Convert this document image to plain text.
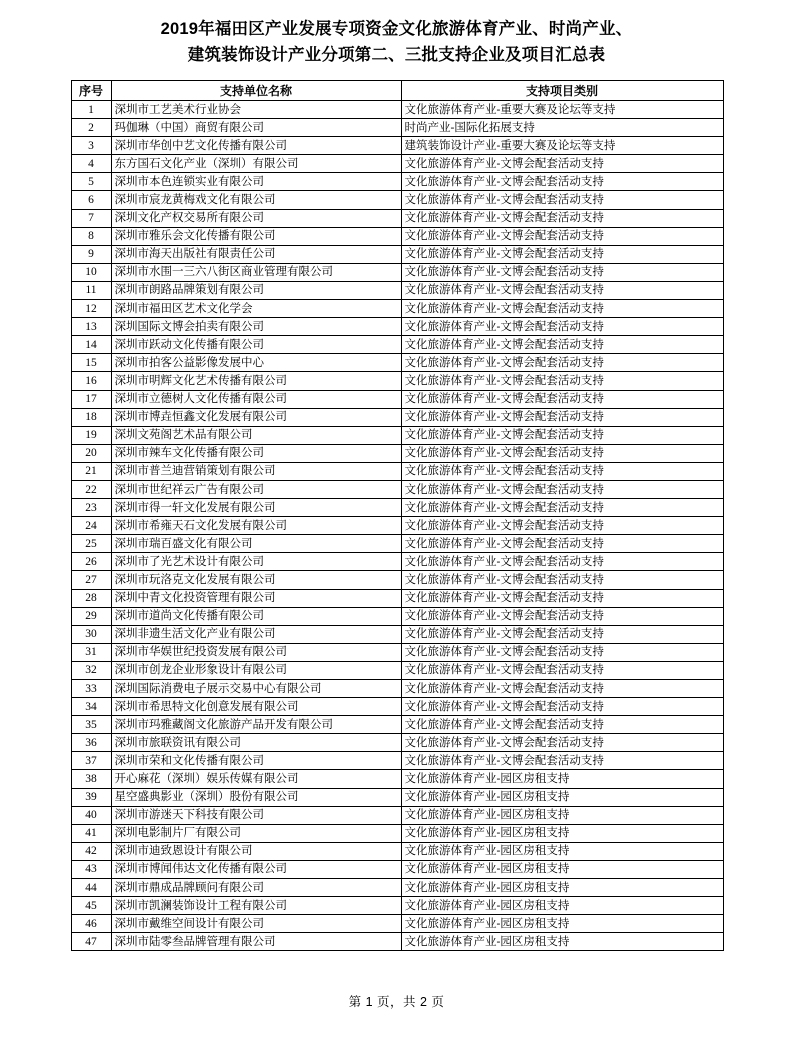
2019年福田区产业发展专项资金文化旅游体育产业、时尚产业、
建筑装饰设计产业分项第二、三批支持企业及项目汇总表
序号	支持单位名称	支持项目类别
1	深圳市工艺美术行业协会	文化旅游体育产业-重要大赛及论坛等支持
2	玛伽琳（中国）商贸有限公司	时尚产业-国际化拓展支持
3	深圳市华创中艺文化传播有限公司	建筑装饰设计产业-重要大赛及论坛等支持
4	东方国石文化产业（深圳）有限公司	文化旅游体育产业-文博会配套活动支持
5	深圳市本色连锁实业有限公司	文化旅游体育产业-文博会配套活动支持
6	深圳市宸龙黄梅戏文化有限公司	文化旅游体育产业-文博会配套活动支持
7	深圳文化产权交易所有限公司	文化旅游体育产业-文博会配套活动支持
8	深圳市雅乐会文化传播有限公司	文化旅游体育产业-文博会配套活动支持
9	深圳市海天出版社有限责任公司	文化旅游体育产业-文博会配套活动支持
10	深圳市水围一三六八街区商业管理有限公司	文化旅游体育产业-文博会配套活动支持
11	深圳市朗路品牌策划有限公司	文化旅游体育产业-文博会配套活动支持
12	深圳市福田区艺术文化学会	文化旅游体育产业-文博会配套活动支持
13	深圳国际文博会拍卖有限公司	文化旅游体育产业-文博会配套活动支持
14	深圳市跃动文化传播有限公司	文化旅游体育产业-文博会配套活动支持
15	深圳市拍客公益影像发展中心	文化旅游体育产业-文博会配套活动支持
16	深圳市明辉文化艺术传播有限公司	文化旅游体育产业-文博会配套活动支持
17	深圳市立德树人文化传播有限公司	文化旅游体育产业-文博会配套活动支持
18	深圳市博垚恒鑫文化发展有限公司	文化旅游体育产业-文博会配套活动支持
19	深圳文苑阁艺术品有限公司	文化旅游体育产业-文博会配套活动支持
20	深圳市辣车文化传播有限公司	文化旅游体育产业-文博会配套活动支持
21	深圳市普兰迪营销策划有限公司	文化旅游体育产业-文博会配套活动支持
22	深圳市世纪祥云广告有限公司	文化旅游体育产业-文博会配套活动支持
23	深圳市得一轩文化发展有限公司	文化旅游体育产业-文博会配套活动支持
24	深圳市希雍天石文化发展有限公司	文化旅游体育产业-文博会配套活动支持
25	深圳市瑞百盛文化有限公司	文化旅游体育产业-文博会配套活动支持
26	深圳市了光艺术设计有限公司	文化旅游体育产业-文博会配套活动支持
27	深圳市玩洛克文化发展有限公司	文化旅游体育产业-文博会配套活动支持
28	深圳中青文化投资管理有限公司	文化旅游体育产业-文博会配套活动支持
29	深圳市道尚文化传播有限公司	文化旅游体育产业-文博会配套活动支持
30	深圳非遗生活文化产业有限公司	文化旅游体育产业-文博会配套活动支持
31	深圳市华娱世纪投资发展有限公司	文化旅游体育产业-文博会配套活动支持
32	深圳市创龙企业形象设计有限公司	文化旅游体育产业-文博会配套活动支持
33	深圳国际消费电子展示交易中心有限公司	文化旅游体育产业-文博会配套活动支持
34	深圳市希思特文化创意发展有限公司	文化旅游体育产业-文博会配套活动支持
35	深圳市玛雅藏阁文化旅游产品开发有限公司	文化旅游体育产业-文博会配套活动支持
36	深圳市旅联资讯有限公司	文化旅游体育产业-文博会配套活动支持
37	深圳市荣和文化传播有限公司	文化旅游体育产业-文博会配套活动支持
38	开心麻花（深圳）娱乐传媒有限公司	文化旅游体育产业-园区房租支持
39	星空盛典影业（深圳）股份有限公司	文化旅游体育产业-园区房租支持
40	深圳市游迷天下科技有限公司	文化旅游体育产业-园区房租支持
41	深圳电影制片厂有限公司	文化旅游体育产业-园区房租支持
42	深圳市迪致恩设计有限公司	文化旅游体育产业-园区房租支持
43	深圳市博闻伟达文化传播有限公司	文化旅游体育产业-园区房租支持
44	深圳市鼎成品牌顾问有限公司	文化旅游体育产业-园区房租支持
45	深圳市凯澜装饰设计工程有限公司	文化旅游体育产业-园区房租支持
46	深圳市戴维空间设计有限公司	文化旅游体育产业-园区房租支持
47	深圳市陆零叁品牌管理有限公司	文化旅游体育产业-园区房租支持
第 1 页，共 2 页
